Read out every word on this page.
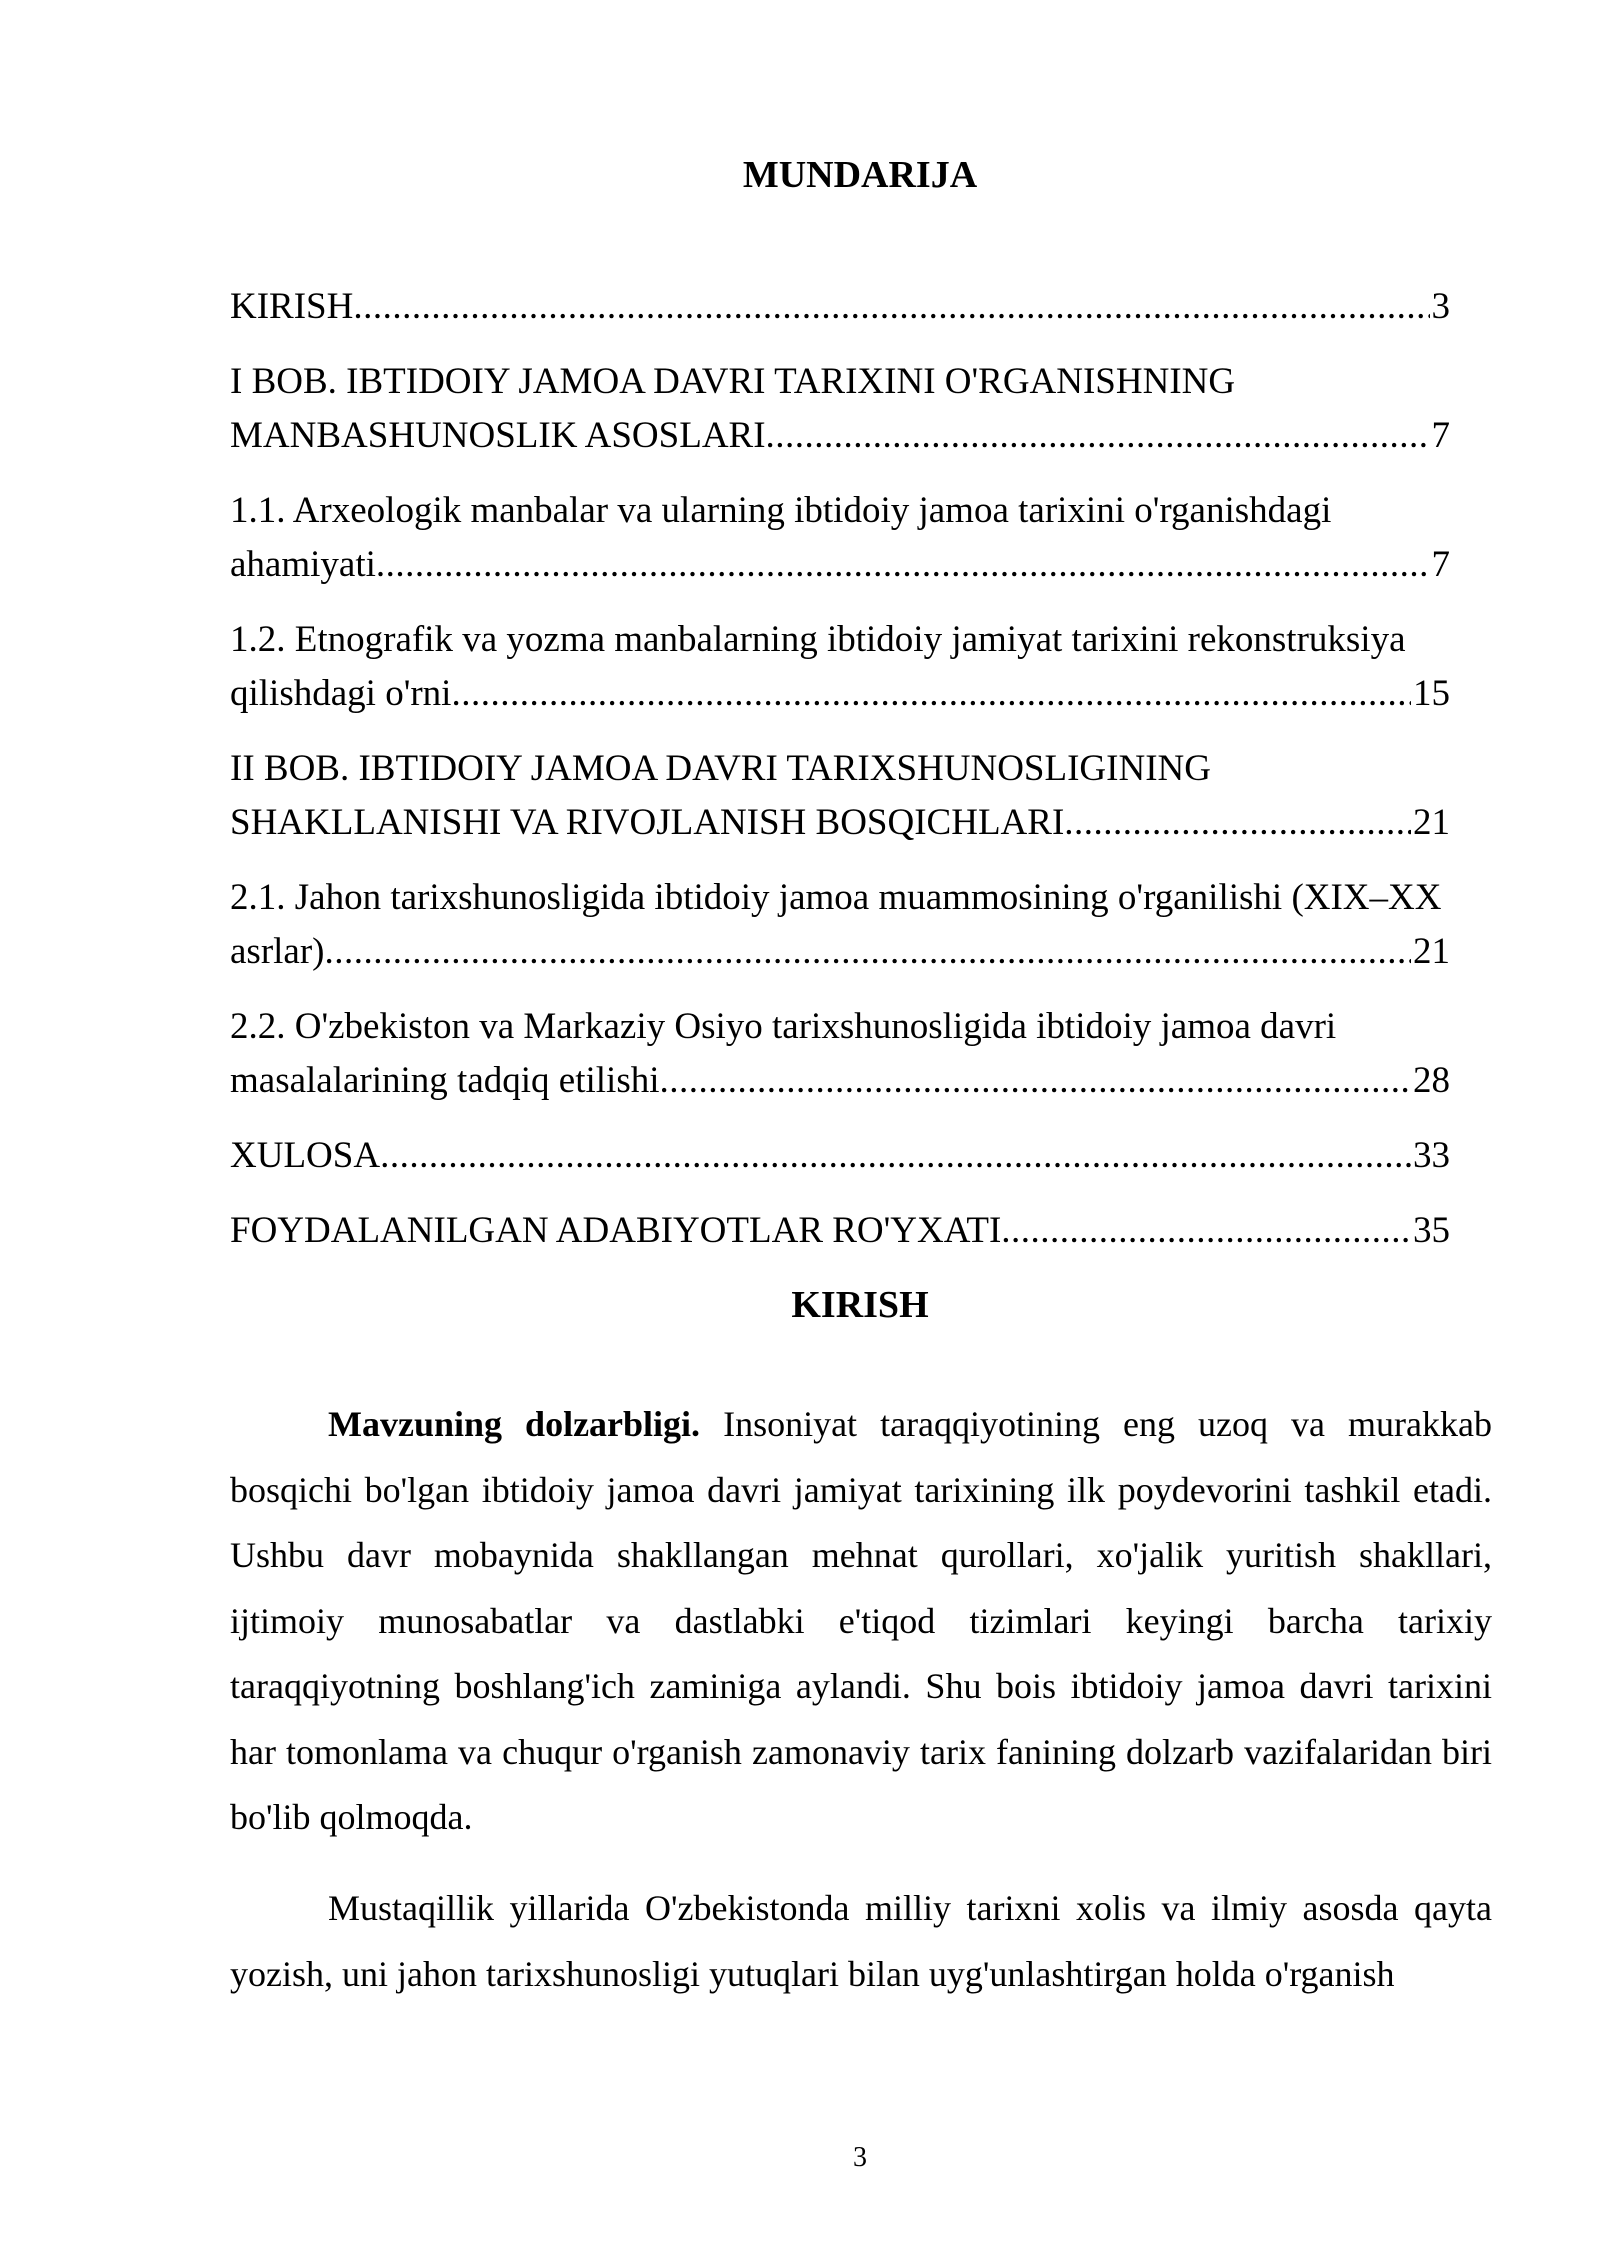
MUNDARIJA
KIRISH .....	3
I BOB. IBTIDOIY JAMOA DAVRI TARIXINI O'RGANISHNING
MANBASHUNOSLIK ASOSLARI .....	7
1.1. Arxeologik manbalar va ularning ibtidoiy jamoa tarixini o'rganishdagi
ahamiyati .....	7
1.2. Etnografik va yozma manbalarning ibtidoiy jamiyat tarixini rekonstruksiya
qilishdagi o'rni .....	15
II BOB. IBTIDOIY JAMOA DAVRI TARIXSHUNOSLIGINING
SHAKLLANISHI VA RIVOJLANISH BOSQICHLARI .....	21
2.1. Jahon tarixshunosligida ibtidoiy jamoa muammosining o'rganilishi (XIX–XX
asrlar) .....	21
2.2. O'zbekiston va Markaziy Osiyo tarixshunosligida ibtidoiy jamoa davri
masalalarining tadqiq etilishi .....	28
XULOSA .....	33
FOYDALANILGAN ADABIYOTLAR RO'YXATI .....	35
KIRISH

Mavzuning dolzarbligi. Insoniyat taraqqiyotining eng uzoq va murakkab bosqichi bo'lgan ibtidoiy jamoa davri jamiyat tarixining ilk poydevorini tashkil etadi. Ushbu davr mobaynida shakllangan mehnat qurollari, xo'jalik yuritish shakllari, ijtimoiy munosabatlar va dastlabki e'tiqod tizimlari keyingi barcha tarixiy taraqqiyotning boshlang'ich zaminiga aylandi. Shu bois ibtidoiy jamoa davri tarixini har tomonlama va chuqur o'rganish zamonaviy tarix fanining dolzarb vazifalaridan biri bo'lib qolmoqda.

Mustaqillik yillarida O'zbekistonda milliy tarixni xolis va ilmiy asosda qayta yozish, uni jahon tarixshunosligi yutuqlari bilan uyg'unlashtirgan holda o'rganish

3
